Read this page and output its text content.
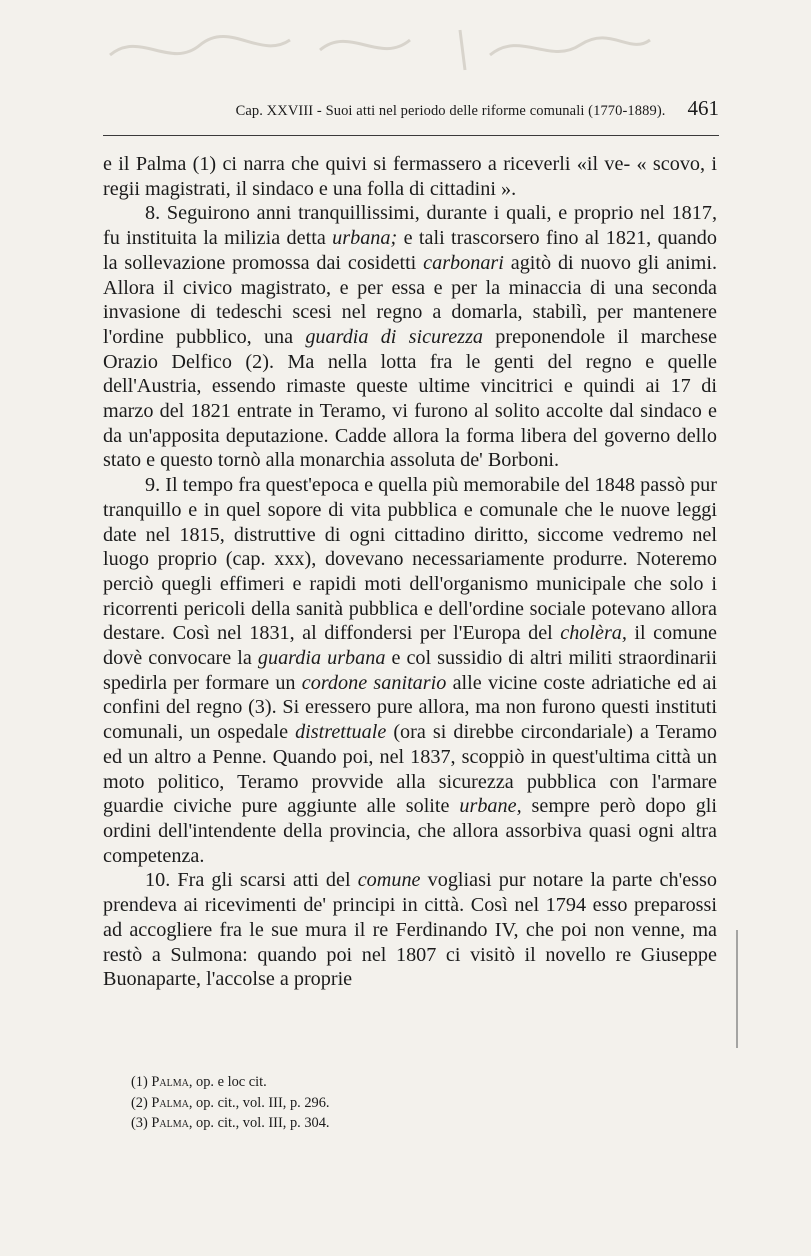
Cap. XXVIII - Suoi atti nel periodo delle riforme comunali (1770-1889). 461

e il Palma (1) ci narra che quivi si fermassero a riceverli «il ve- « scovo, i regii magistrati, il sindaco e una folla di cittadini ».

8. Seguirono anni tranquillissimi, durante i quali, e proprio nel 1817, fu instituita la milizia detta urbana; e tali trascorsero fino al 1821, quando la sollevazione promossa dai cosidetti carbonari agitò di nuovo gli animi. Allora il civico magistrato, e per essa e per la minaccia di una seconda invasione di tedeschi scesi nel regno a domarla, stabilì, per mantenere l'ordine pubblico, una guardia di sicurezza preponendole il marchese Orazio Delfico (2). Ma nella lotta fra le genti del regno e quelle dell'Austria, essendo rimaste queste ultime vincitrici e quindi ai 17 di marzo del 1821 entrate in Teramo, vi furono al solito accolte dal sindaco e da un'apposita deputazione. Cadde allora la forma libera del governo dello stato e questo tornò alla monarchia assoluta de' Borboni.

9. Il tempo fra quest'epoca e quella più memorabile del 1848 passò pur tranquillo e in quel sopore di vita pubblica e comunale che le nuove leggi date nel 1815, distruttive di ogni cittadino diritto, siccome vedremo nel luogo proprio (cap. xxx), dovevano necessariamente produrre. Noteremo perciò quegli effimeri e rapidi moti dell'organismo municipale che solo i ricorrenti pericoli della sanità pubblica e dell'ordine sociale potevano allora destare. Così nel 1831, al diffondersi per l'Europa del cholèra, il comune dovè convocare la guardia urbana e col sussidio di altri militi straordinarii spedirla per formare un cordone sanitario alle vicine coste adriatiche ed ai confini del regno (3). Si eressero pure allora, ma non furono questi instituti comunali, un ospedale distrettuale (ora si direbbe circondariale) a Teramo ed un altro a Penne. Quando poi, nel 1837, scoppiò in quest'ultima città un moto politico, Teramo provvide alla sicurezza pubblica con l'armare guardie civiche pure aggiunte alle solite urbane, sempre però dopo gli ordini dell'intendente della provincia, che allora assorbiva quasi ogni altra competenza.

10. Fra gli scarsi atti del comune vogliasi pur notare la parte ch'esso prendeva ai ricevimenti de' principi in città. Così nel 1794 esso preparossi ad accogliere fra le sue mura il re Ferdinando IV, che poi non venne, ma restò a Sulmona: quando poi nel 1807 ci visitò il novello re Giuseppe Buonaparte, l'accolse a proprie

(1) Palma, op. e loc cit.
(2) Palma, op. cit., vol. III, p. 296.
(3) Palma, op. cit., vol. III, p. 304.
